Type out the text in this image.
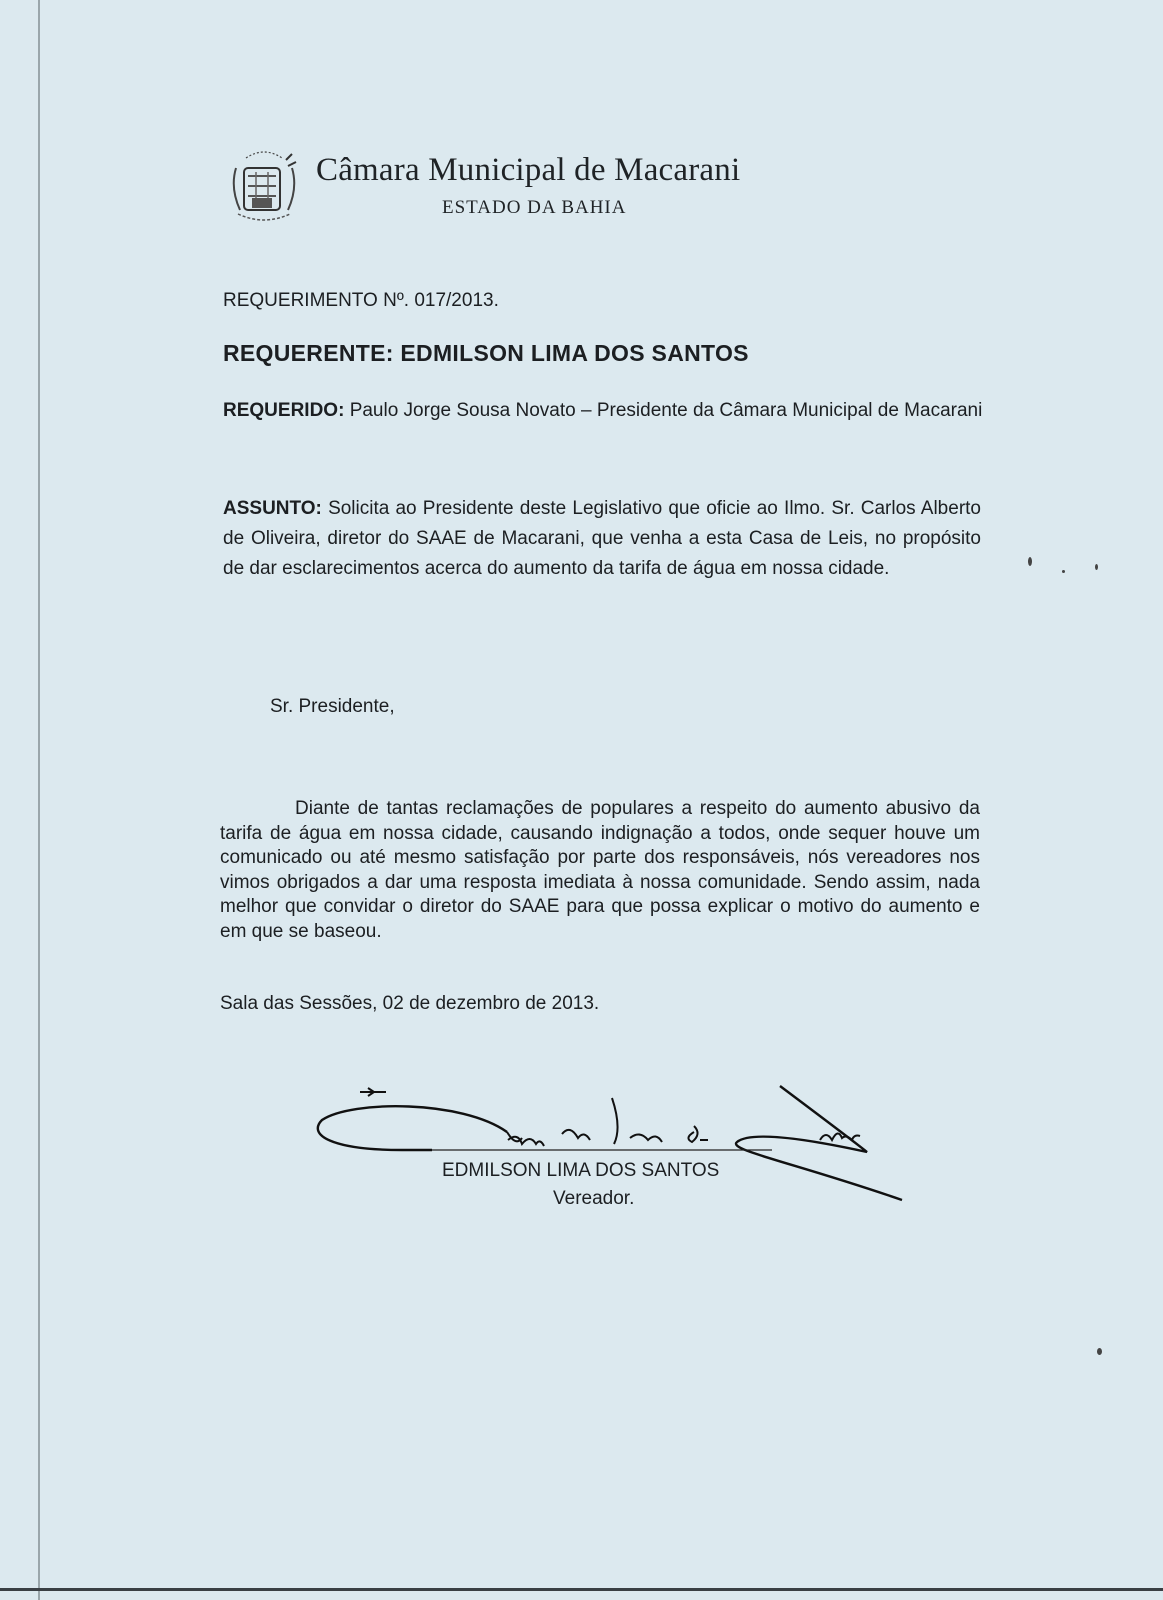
Câmara Municipal de Macarani
ESTADO DA BAHIA
REQUERIMENTO Nº. 017/2013.
REQUERENTE: EDMILSON LIMA DOS SANTOS
REQUERIDO: Paulo Jorge Sousa Novato – Presidente da Câmara Municipal de Macarani
ASSUNTO: Solicita ao Presidente deste Legislativo que oficie ao Ilmo. Sr. Carlos Alberto de Oliveira, diretor do SAAE de Macarani, que venha a esta Casa de Leis, no propósito de dar esclarecimentos acerca do aumento da tarifa de água em nossa cidade.
Sr. Presidente,
Diante de tantas reclamações de populares a respeito do aumento abusivo da tarifa de água em nossa cidade, causando indignação a todos, onde sequer houve um comunicado ou até mesmo satisfação por parte dos responsáveis, nós vereadores nos vimos obrigados a dar uma resposta imediata à nossa comunidade. Sendo assim, nada melhor que convidar o diretor do SAAE para que possa explicar o motivo do aumento e em que se baseou.
Sala das Sessões, 02 de dezembro de 2013.
EDMILSON LIMA DOS SANTOS
Vereador.
